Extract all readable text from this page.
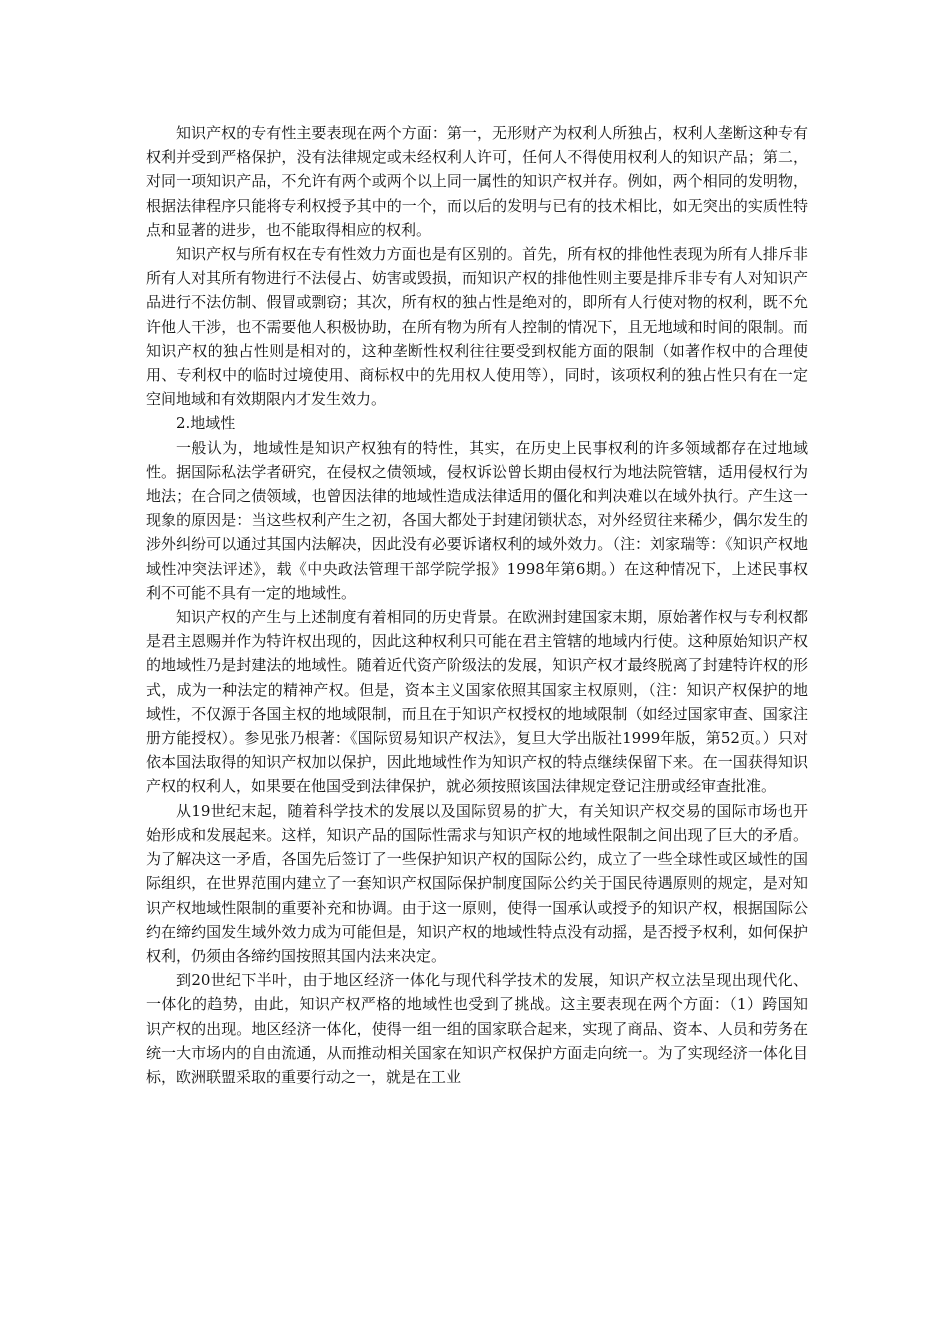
知识产权的专有性主要表现在两个方面：第一，无形财产为权利人所独占，权利人垄断这种专有权利并受到严格保护，没有法律规定或未经权利人许可，任何人不得使用权利人的知识产品；第二，对同一项知识产品，不允许有两个或两个以上同一属性的知识产权并存。例如，两个相同的发明物，根据法律程序只能将专利权授予其中的一个，而以后的发明与已有的技术相比，如无突出的实质性特点和显著的进步，也不能取得相应的权利。

知识产权与所有权在专有性效力方面也是有区别的。首先，所有权的排他性表现为所有人排斥非所有人对其所有物进行不法侵占、妨害或毁损，而知识产权的排他性则主要是排斥非专有人对知识产品进行不法仿制、假冒或剽窃；其次，所有权的独占性是绝对的，即所有人行使对物的权利，既不允许他人干涉，也不需要他人积极协助，在所有物为所有人控制的情况下，且无地域和时间的限制。而知识产权的独占性则是相对的，这种垄断性权利往往要受到权能方面的限制（如著作权中的合理使用、专利权中的临时过境使用、商标权中的先用权人使用等），同时，该项权利的独占性只有在一定空间地域和有效期限内才发生效力。

2.地域性

一般认为，地域性是知识产权独有的特性，其实，在历史上民事权利的许多领域都存在过地域性。据国际私法学者研究，在侵权之债领域，侵权诉讼曾长期由侵权行为地法院管辖，适用侵权行为地法；在合同之债领域，也曾因法律的地域性造成法律适用的僵化和判决难以在域外执行。产生这一现象的原因是：当这些权利产生之初，各国大都处于封建闭锁状态，对外经贸往来稀少，偶尔发生的涉外纠纷可以通过其国内法解决，因此没有必要诉诸权利的域外效力。（注：刘家瑞等：《知识产权地域性冲突法评述》，载《中央政法管理干部学院学报》1998年第6期。）在这种情况下，上述民事权利不可能不具有一定的地域性。

知识产权的产生与上述制度有着相同的历史背景。在欧洲封建国家末期，原始著作权与专利权都是君主恩赐并作为特许权出现的，因此这种权利只可能在君主管辖的地域内行使。这种原始知识产权的地域性乃是封建法的地域性。随着近代资产阶级法的发展，知识产权才最终脱离了封建特许权的形式，成为一种法定的精神产权。但是，资本主义国家依照其国家主权原则，（注：知识产权保护的地域性，不仅源于各国主权的地域限制，而且在于知识产权授权的地域限制（如经过国家审查、国家注册方能授权）。参见张乃根著：《国际贸易知识产权法》，复旦大学出版社1999年版，第52页。）只对依本国法取得的知识产权加以保护，因此地域性作为知识产权的特点继续保留下来。在一国获得知识产权的权利人，如果要在他国受到法律保护，就必须按照该国法律规定登记注册或经审查批准。

从19世纪末起，随着科学技术的发展以及国际贸易的扩大，有关知识产权交易的国际市场也开始形成和发展起来。这样，知识产品的国际性需求与知识产权的地域性限制之间出现了巨大的矛盾。为了解决这一矛盾，各国先后签订了一些保护知识产权的国际公约，成立了一些全球性或区域性的国际组织，在世界范围内建立了一套知识产权国际保护制度国际公约关于国民待遇原则的规定，是对知识产权地域性限制的重要补充和协调。由于这一原则，使得一国承认或授予的知识产权，根据国际公约在缔约国发生域外效力成为可能但是，知识产权的地域性特点没有动摇，是否授予权利，如何保护权利，仍须由各缔约国按照其国内法来决定。

到20世纪下半叶，由于地区经济一体化与现代科学技术的发展，知识产权立法呈现出现代化、一体化的趋势，由此，知识产权严格的地域性也受到了挑战。这主要表现在两个方面：（1）跨国知识产权的出现。地区经济一体化，使得一组一组的国家联合起来，实现了商品、资本、人员和劳务在统一大市场内的自由流通，从而推动相关国家在知识产权保护方面走向统一。为了实现经济一体化目标，欧洲联盟采取的重要行动之一，就是在工业
